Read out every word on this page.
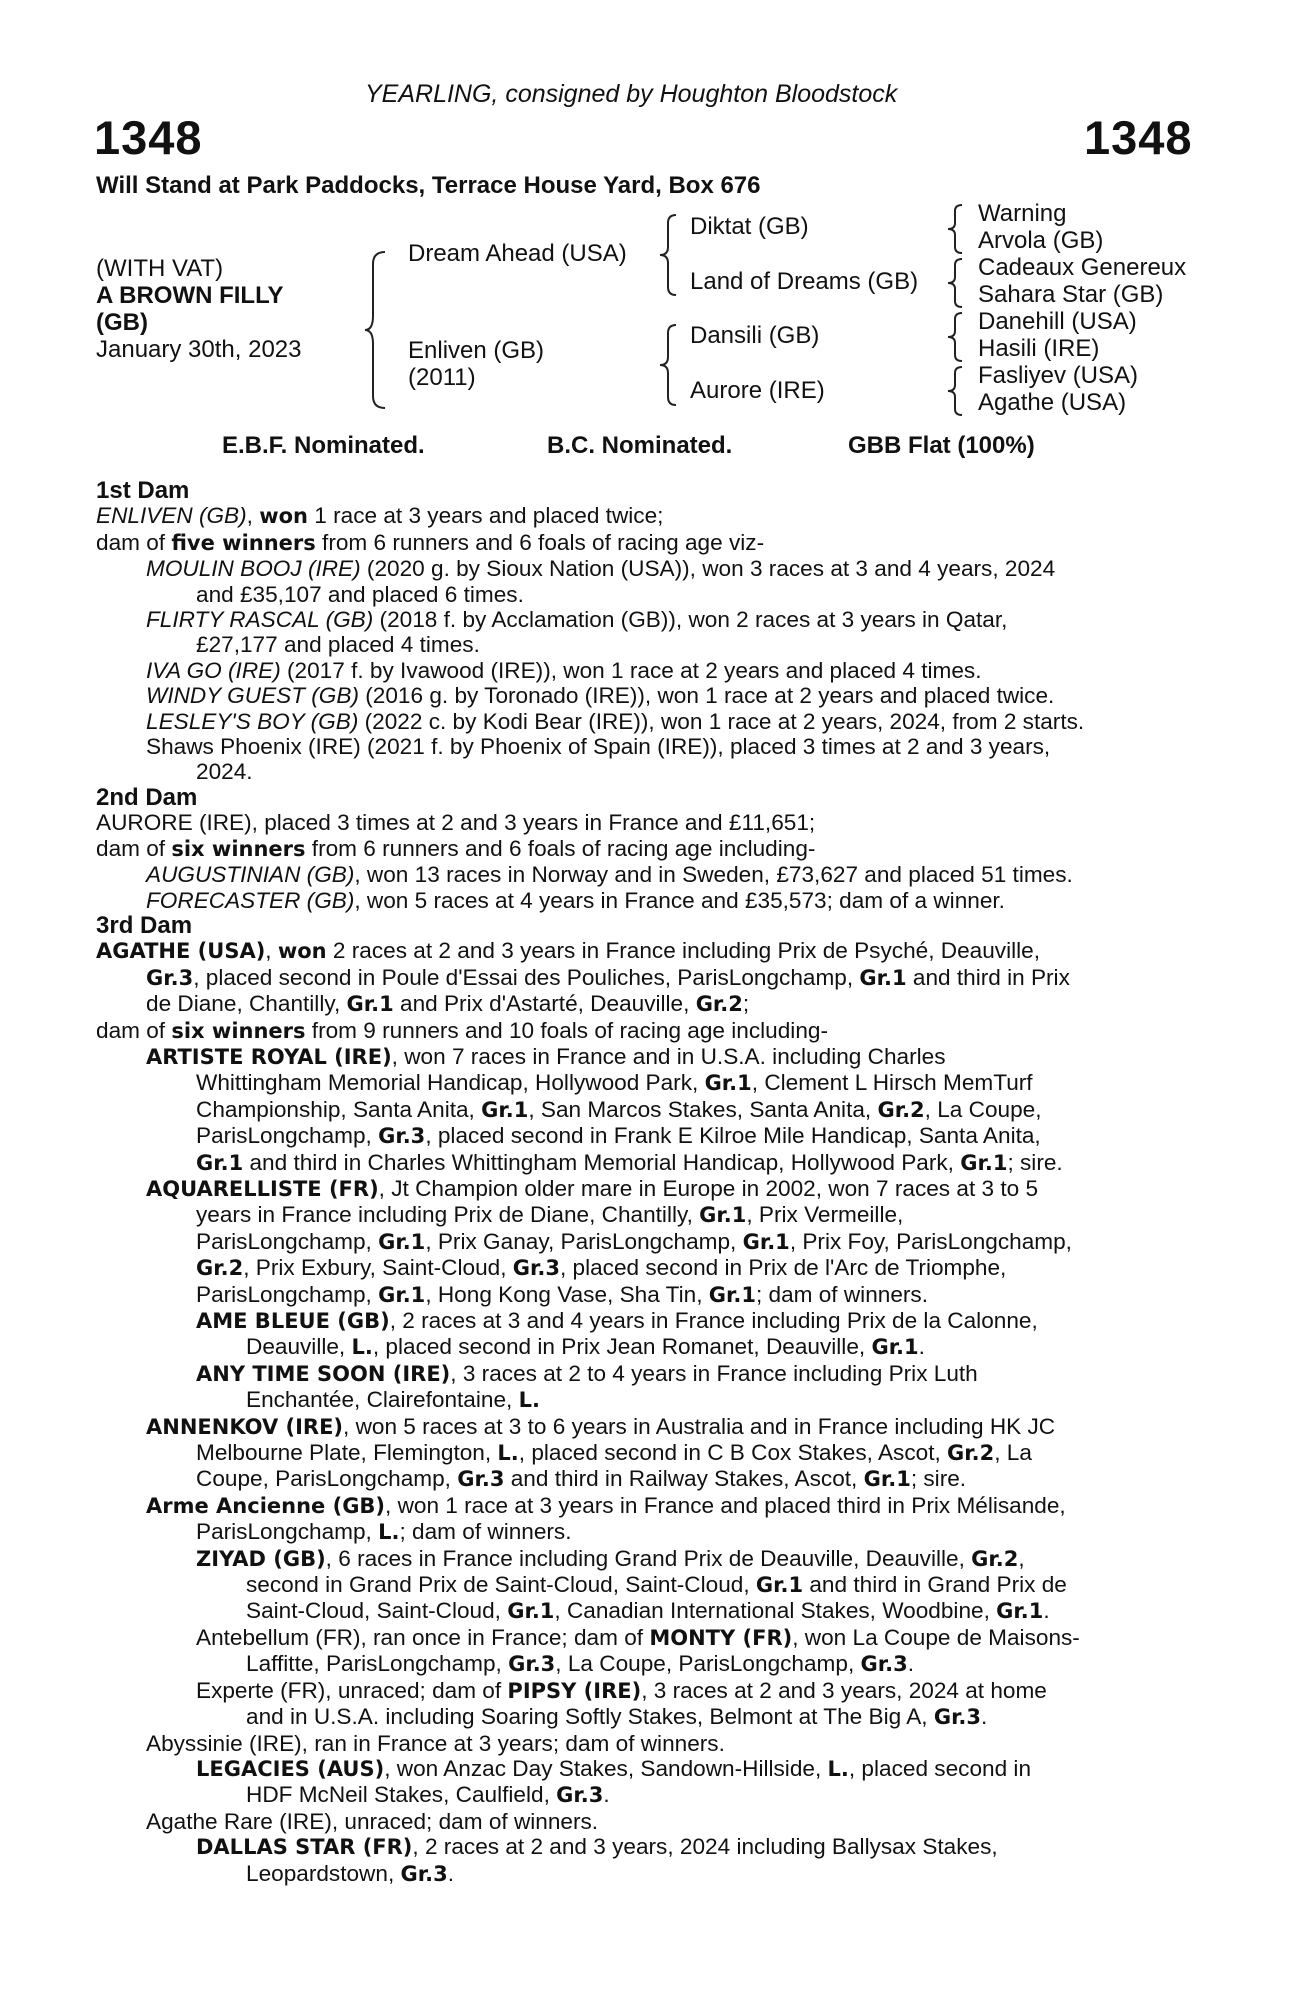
YEARLING, consigned by Houghton Bloodstock
1348	1348
Will Stand at Park Paddocks, Terrace House Yard, Box 676
(WITH VAT)
A BROWN FILLY
(GB)
January 30th, 2023
Dream Ahead (USA)
Enliven (GB)
(2011)
Diktat (GB)
Land of Dreams (GB)
Dansili (GB)
Aurore (IRE)
Warning
Arvola (GB)
Cadeaux Genereux
Sahara Star (GB)
Danehill (USA)
Hasili (IRE)
Fasliyev (USA)
Agathe (USA)
E.B.F. Nominated.	B.C. Nominated.	GBB Flat (100%)

1st Dam

ENLIVEN (GB), won 1 race at 3 years and placed twice;
dam of five winners from 6 runners and 6 foals of racing age viz-
MOULIN BOOJ (IRE) (2020 g. by Sioux Nation (USA)), won 3 races at 3 and 4 years, 2024
and £35,107 and placed 6 times.
FLIRTY RASCAL (GB) (2018 f. by Acclamation (GB)), won 2 races at 3 years in Qatar,
£27,177 and placed 4 times.
IVA GO (IRE) (2017 f. by Ivawood (IRE)), won 1 race at 2 years and placed 4 times.
WINDY GUEST (GB) (2016 g. by Toronado (IRE)), won 1 race at 2 years and placed twice.
LESLEY'S BOY (GB) (2022 c. by Kodi Bear (IRE)), won 1 race at 2 years, 2024, from 2 starts.
Shaws Phoenix (IRE) (2021 f. by Phoenix of Spain (IRE)), placed 3 times at 2 and 3 years,
2024.

2nd Dam

AURORE (IRE), placed 3 times at 2 and 3 years in France and £11,651;
dam of six winners from 6 runners and 6 foals of racing age including-
AUGUSTINIAN (GB), won 13 races in Norway and in Sweden, £73,627 and placed 51 times.
FORECASTER (GB), won 5 races at 4 years in France and £35,573; dam of a winner.

3rd Dam

AGATHE (USA), won 2 races at 2 and 3 years in France including Prix de Psyché, Deauville,
Gr.3, placed second in Poule d'Essai des Pouliches, ParisLongchamp, Gr.1 and third in Prix
de Diane, Chantilly, Gr.1 and Prix d'Astarté, Deauville, Gr.2;
dam of six winners from 9 runners and 10 foals of racing age including-
ARTISTE ROYAL (IRE), won 7 races in France and in U.S.A. including Charles
Whittingham Memorial Handicap, Hollywood Park, Gr.1, Clement L Hirsch MemTurf
Championship, Santa Anita, Gr.1, San Marcos Stakes, Santa Anita, Gr.2, La Coupe,
ParisLongchamp, Gr.3, placed second in Frank E Kilroe Mile Handicap, Santa Anita,
Gr.1 and third in Charles Whittingham Memorial Handicap, Hollywood Park, Gr.1; sire.
AQUARELLISTE (FR), Jt Champion older mare in Europe in 2002, won 7 races at 3 to 5
years in France including Prix de Diane, Chantilly, Gr.1, Prix Vermeille,
ParisLongchamp, Gr.1, Prix Ganay, ParisLongchamp, Gr.1, Prix Foy, ParisLongchamp,
Gr.2, Prix Exbury, Saint-Cloud, Gr.3, placed second in Prix de l'Arc de Triomphe,
ParisLongchamp, Gr.1, Hong Kong Vase, Sha Tin, Gr.1; dam of winners.
AME BLEUE (GB), 2 races at 3 and 4 years in France including Prix de la Calonne,
Deauville, L., placed second in Prix Jean Romanet, Deauville, Gr.1.
ANY TIME SOON (IRE), 3 races at 2 to 4 years in France including Prix Luth
Enchantée, Clairefontaine, L.
ANNENKOV (IRE), won 5 races at 3 to 6 years in Australia and in France including HK JC
Melbourne Plate, Flemington, L., placed second in C B Cox Stakes, Ascot, Gr.2, La
Coupe, ParisLongchamp, Gr.3 and third in Railway Stakes, Ascot, Gr.1; sire.
Arme Ancienne (GB), won 1 race at 3 years in France and placed third in Prix Mélisande,
ParisLongchamp, L.; dam of winners.
ZIYAD (GB), 6 races in France including Grand Prix de Deauville, Deauville, Gr.2,
second in Grand Prix de Saint-Cloud, Saint-Cloud, Gr.1 and third in Grand Prix de
Saint-Cloud, Saint-Cloud, Gr.1, Canadian International Stakes, Woodbine, Gr.1.
Antebellum (FR), ran once in France; dam of MONTY (FR), won La Coupe de Maisons-
Laffitte, ParisLongchamp, Gr.3, La Coupe, ParisLongchamp, Gr.3.
Experte (FR), unraced; dam of PIPSY (IRE), 3 races at 2 and 3 years, 2024 at home
and in U.S.A. including Soaring Softly Stakes, Belmont at The Big A, Gr.3.
Abyssinie (IRE), ran in France at 3 years; dam of winners.
LEGACIES (AUS), won Anzac Day Stakes, Sandown-Hillside, L., placed second in
HDF McNeil Stakes, Caulfield, Gr.3.
Agathe Rare (IRE), unraced; dam of winners.
DALLAS STAR (FR), 2 races at 2 and 3 years, 2024 including Ballysax Stakes,
Leopardstown, Gr.3.
